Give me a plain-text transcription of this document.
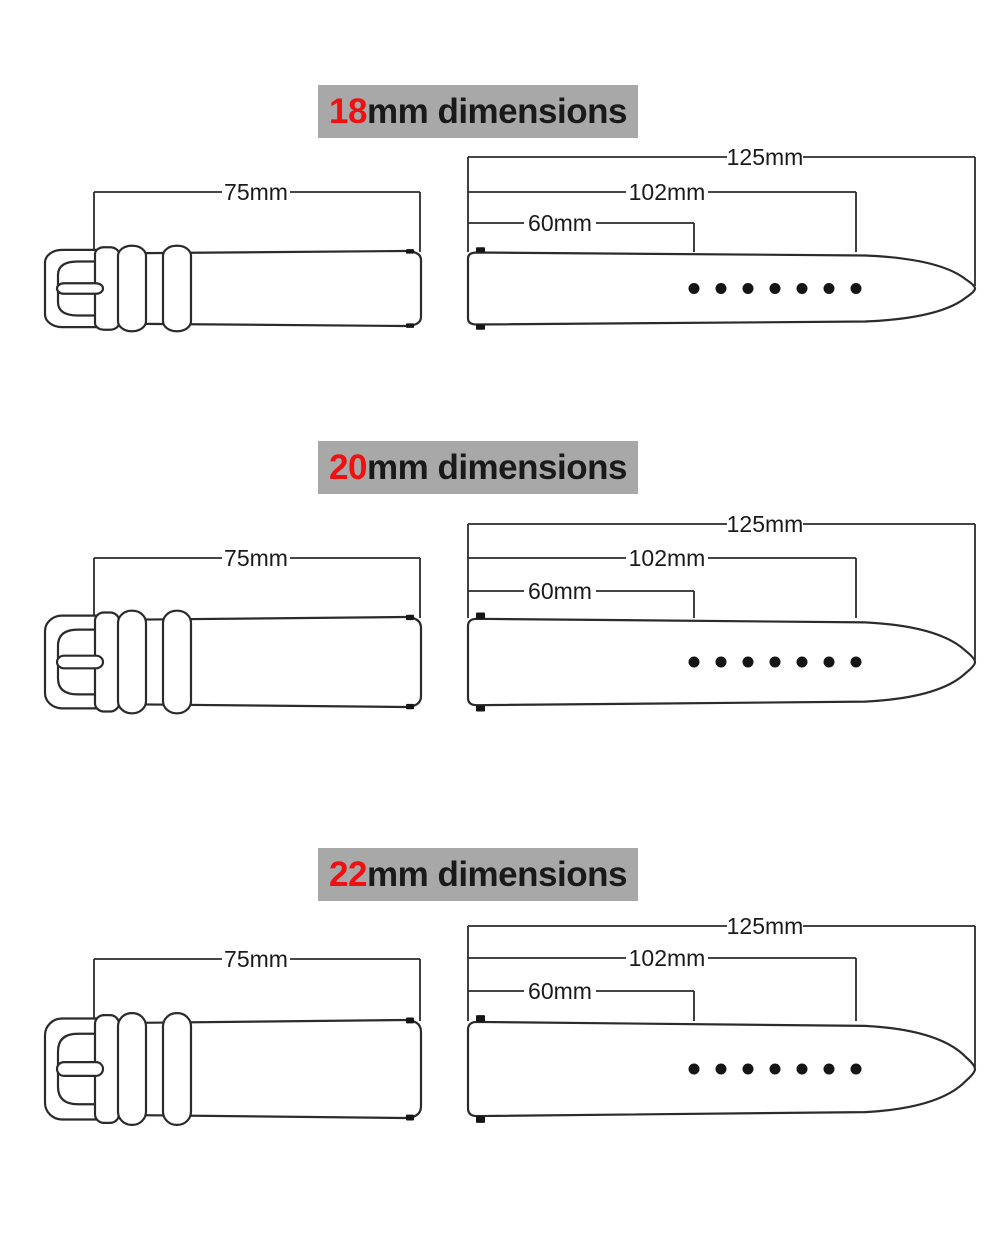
18 mm dimensions
20 mm dimensions
22 mm dimensions
75mm
125mm
102mm
60mm
75mm
125mm
102mm
60mm
75mm
125mm
102mm
60mm
